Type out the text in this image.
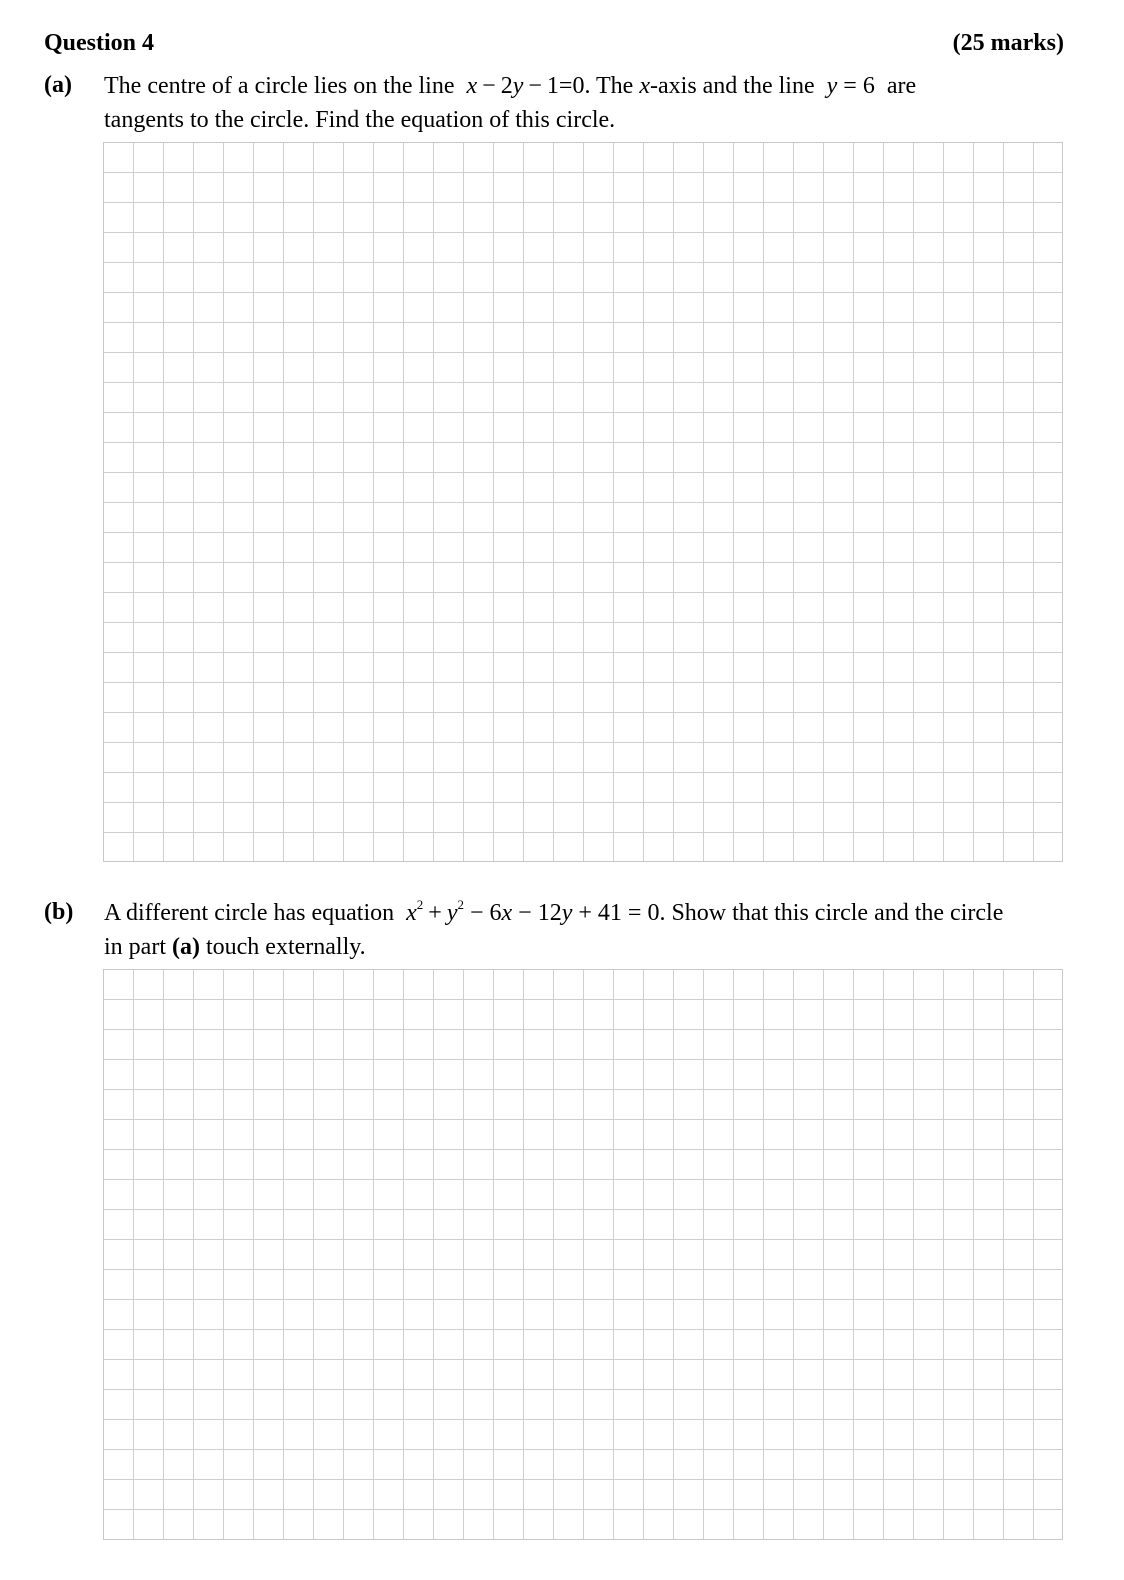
Question 4	(25 marks)
(a) The centre of a circle lies on the line x − 2y − 1=0. The x-axis and the line y = 6 are
tangents to the circle. Find the equation of this circle.
(b) A different circle has equation $x^2 + y^2 - 6x - 12y + 41 = 0$. Show that this circle and the circle
in part (a) touch externally.
